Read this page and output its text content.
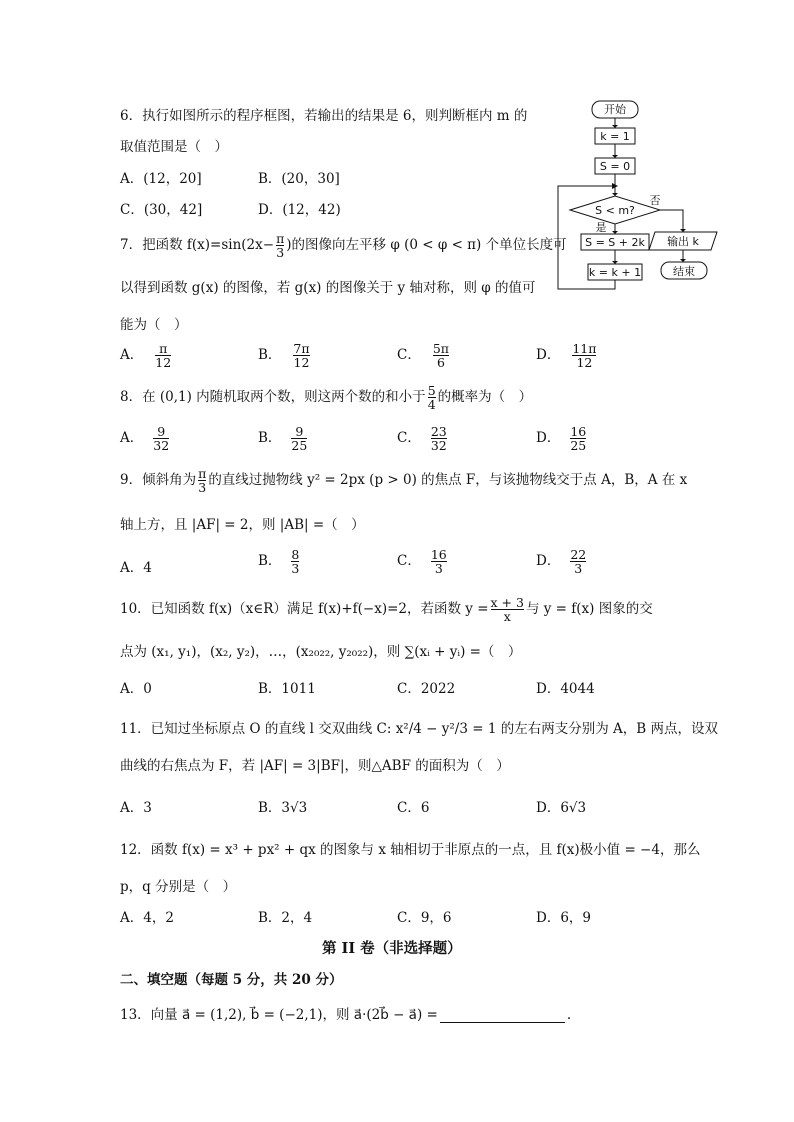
6．执行如图所示的程序框图，若输出的结果是 6，则判断框内 m 的
取值范围是（　）
A．(12，20]	B．(20，30]
C．(30，42]	D．(12，42)
开始
k = 1
S = 0
S < m?
否
是
S = S + 2k
k = k + 1
输出 k
结束
7．把函数 $f(x)=\sin(2x- \frac{\pi}{3}$ )的图像向左平移 φ (0 < φ < π) 个单位长度可
以得到函数 g(x) 的图像，若 g(x) 的图像关于 y 轴对称，则 φ 的值可
能为（　）
A． $\frac{\pi}{12}$	B． $\frac{7\pi}{12}$	C． $\frac{5\pi}{6}$	D． $\frac{11\pi}{12}$
8．在 (0,1) 内随机取两个数，则这两个数的和小于 $\frac{5}{4}$ 的概率为（　）
A． $\frac{9}{32}$	B． $\frac{9}{25}$	C． $\frac{23}{32}$	D． $\frac{16}{25}$
9．倾斜角为 $\frac{\pi}{3}$ 的直线过抛物线 y² = 2px (p > 0) 的焦点 F，与该抛物线交于点 A，B，A 在 x
轴上方，且 |AF| = 2，则 |AB| =（　）
A．4	B． $\frac{8}{3}$	C． $\frac{16}{3}$	D． $\frac{22}{3}$
10．已知函数 f(x)（x∈R）满足 f(x)+f(−x)=2，若函数 $y = \frac{x + 3}{x}$ 与 y = f(x) 图象的交
点为 (x₁, y₁)，(x₂, y₂)，…，(x₂₀₂₂, y₂₀₂₂)，则 ∑(xᵢ + yᵢ) =（　）
A．0	B．1011	C．2022	D．4044
11．已知过坐标原点 O 的直线 l 交双曲线 C: x²/4 − y²/3 = 1 的左右两支分别为 A，B 两点，设双
曲线的右焦点为 F，若 |AF| = 3|BF|，则△ABF 的面积为（　）
A．3	B．3√3	C．6	D．6√3
12．函数 f(x) = x³ + px² + qx 的图象与 x 轴相切于非原点的一点，且 f(x)极小值 = −4，那么
p，q 分别是（　）
A．4，2	B．2，4	C．9，6	D．6，9
第 II 卷（非选择题）
二、填空题（每题 5 分，共 20 分）
13．向量 a⃗ = (1,2), b⃗ = (−2,1)，则 a⃗·(2b⃗ − a⃗) =	.
